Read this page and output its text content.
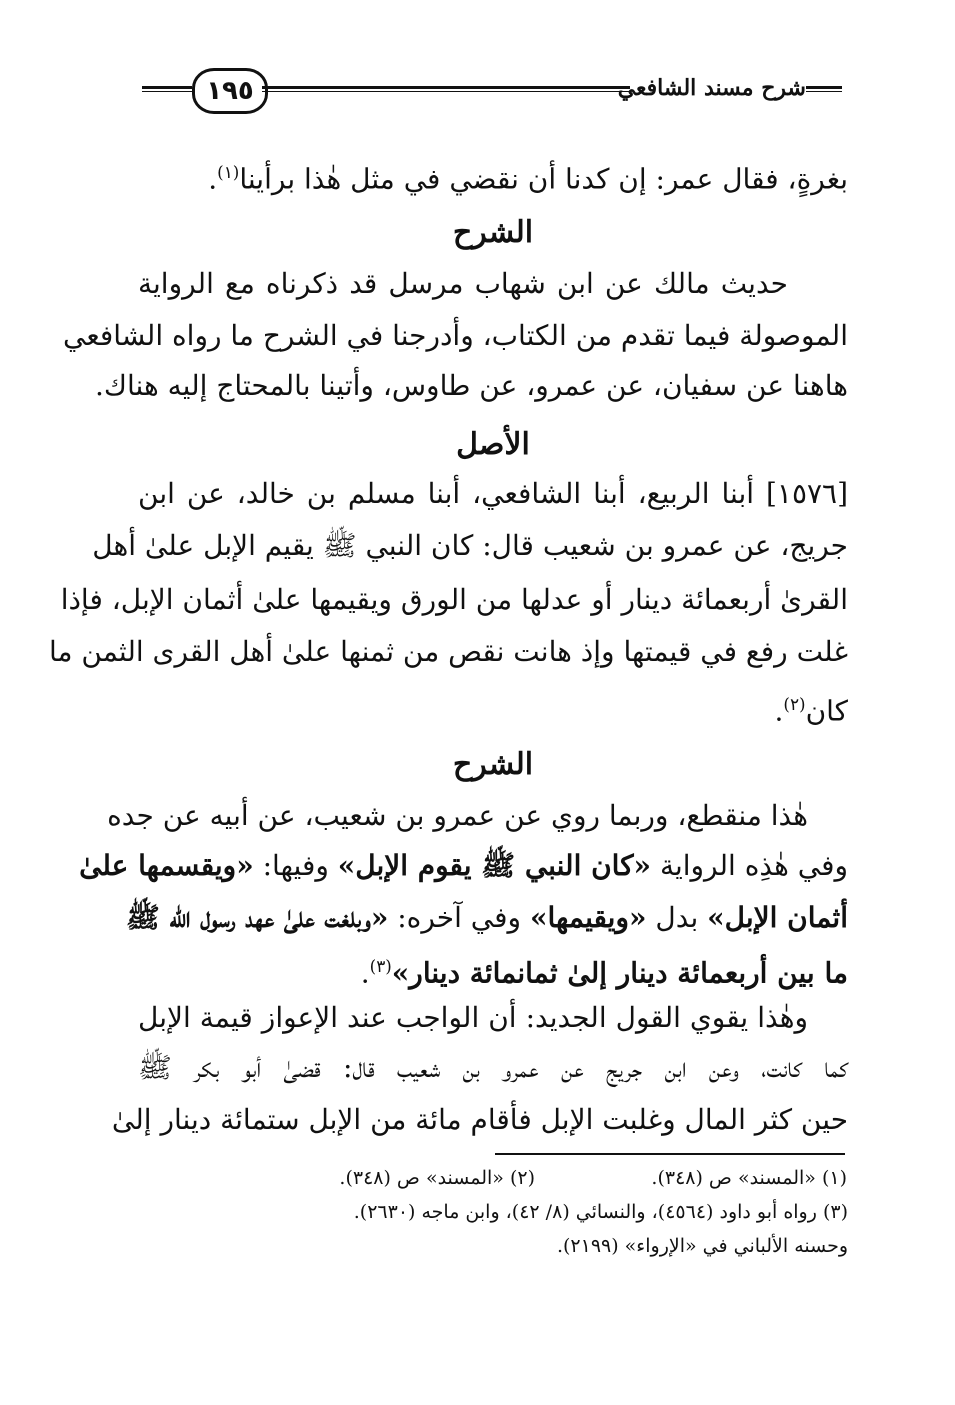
١٩٥	شرح مسند الشافعي
بغرةٍ، فقال عمر: إن كدنا أن نقضي في مثل هٰذا برأينا$^{(١)}$.
الشرح
حديث مالك عن ابن شهاب مرسل قد ذكرناه مع الرواية
الموصولة فيما تقدم من الكتاب، وأدرجنا في الشرح ما رواه الشافعي
هاهنا عن سفيان، عن عمرو، عن طاوس، وأتينا بالمحتاج إليه هناك.
الأصل
[١٥٧٦] أبنا الربيع، أبنا الشافعي، أبنا مسلم بن خالد، عن ابن
جريج، عن عمرو بن شعيب قال: كان النبي ﷺ يقيم الإبل علىٰ أهل
القرىٰ أربعمائة دينار أو عدلها من الورق ويقيمها علىٰ أثمان الإبل، فإذا
غلت رفع في قيمتها وإذ هانت نقص من ثمنها علىٰ أهل القرى الثمن ما
كان$^{(٢)}$.
الشرح
هٰذا منقطع، وربما روي عن عمرو بن شعيب، عن أبيه عن جده
وفي هٰذِه الرواية «كان النبي ﷺ يقوم الإبل» وفيها: «ويقسمها علىٰ
أثمان الإبل» بدل «ويقيمها» وفي آخره: «وبلغت علىٰ عهد رسول الله ﷺ
ما بين أربعمائة دينار إلىٰ ثمانمائة دينار»$^{(٣)}$.
وهٰذا يقوي القول الجديد: أن الواجب عند الإعواز قيمة الإبل
كما كانت، وعن ابن جريج عن عمرو بن شعيب قال: قضىٰ أبو بكر ﷺ
حين كثر المال وغلبت الإبل فأقام مائة من الإبل ستمائة دينار إلىٰ
(١) «المسند» ص (٣٤٨).
(٢) «المسند» ص (٣٤٨).
(٣) رواه أبو داود (٤٥٦٤)، والنسائي (٨/ ٤٢)، وابن ماجه (٢٦٣٠).
وحسنه الألباني في «الإرواء» (٢١٩٩).
